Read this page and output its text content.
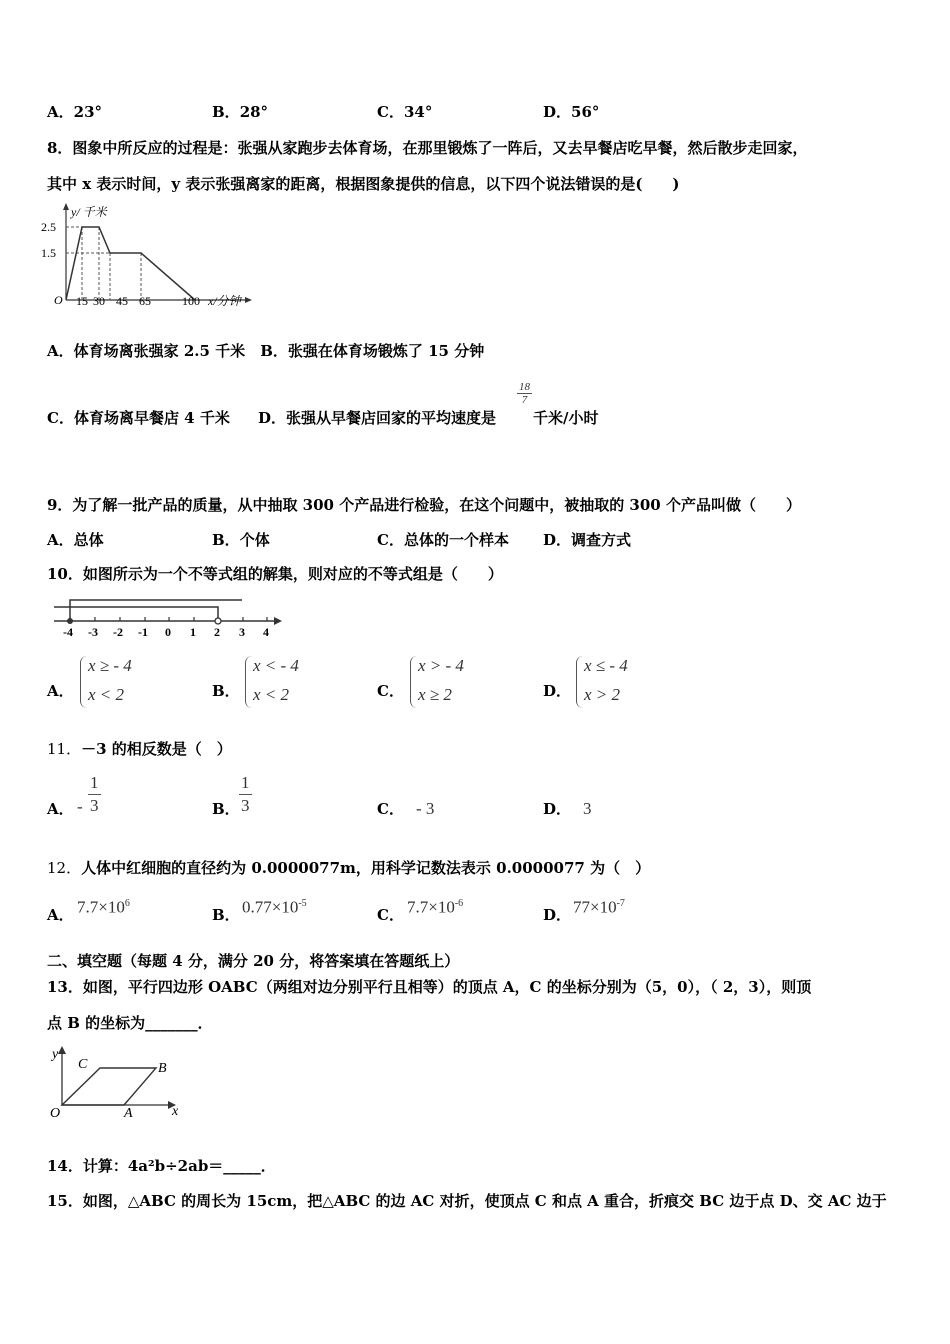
A．23°	B．28°	C．34°	D．56°
8．图象中所反应的过程是：张强从家跑步去体育场，在那里锻炼了一阵后，又去早餐店吃早餐，然后散步走回家，
其中 x 表示时间，y 表示张强离家的距离，根据图象提供的信息，以下四个说法错误的是(　　)
y/ 千米
2.5
1.5
O 15 30 45 65	100 x/分钟
A．体育场离张强家 2.5 千米　 B．张强在体育场锻炼了 15 分钟
C．体育场离早餐店 4 千米 D．张强从早餐店回家的平均速度是
$\frac{18}{7}$
千米/小时
9．为了解一批产品的质量，从中抽取 300 个产品进行检验，在这个问题中，被抽取的 300 个产品叫做（　　）
A．总体	B．个体	C．总体的一个样本 D．调查方式
10．如图所示为一个不等式组的解集，则对应的不等式组是（　　）
-4 -3 -2 -1 0 1 2 3 4
A．
x ≥ - 4
x < 2	B．
x < - 4
x < 2	C．
x > - 4
x ≥ 2	D．
x ≤ - 4
x > 2
11．－3 的相反数是（　）
A． - $\frac{1}{3}$	B． $\frac{1}{3}$	C． - 3	D． 3
12．人体中红细胞的直径约为 0.0000077m，用科学记数法表示 0.0000077 为（　）
A． $7.7\times 10^6$
B． $0.77\times 10^{-5}$
C． $7.7\times 10^{-6}$
D． $77\times 10^{-7}$
二、填空题（每题 4 分，满分 20 分，将答案填在答题纸上）
13．如图，平行四边形 OABC（两组对边分别平行且相等）的顶点 A，C 的坐标分别为（5，0），（ 2，3），则顶
点 B 的坐标为_______．
y
x
O	A
B
C
14．计算：4a²b÷2ab＝_____．
15．如图，△ABC 的周长为 15cm，把△ABC 的边 AC 对折，使顶点 C 和点 A 重合，折痕交 BC 边于点 D、交 AC 边于
